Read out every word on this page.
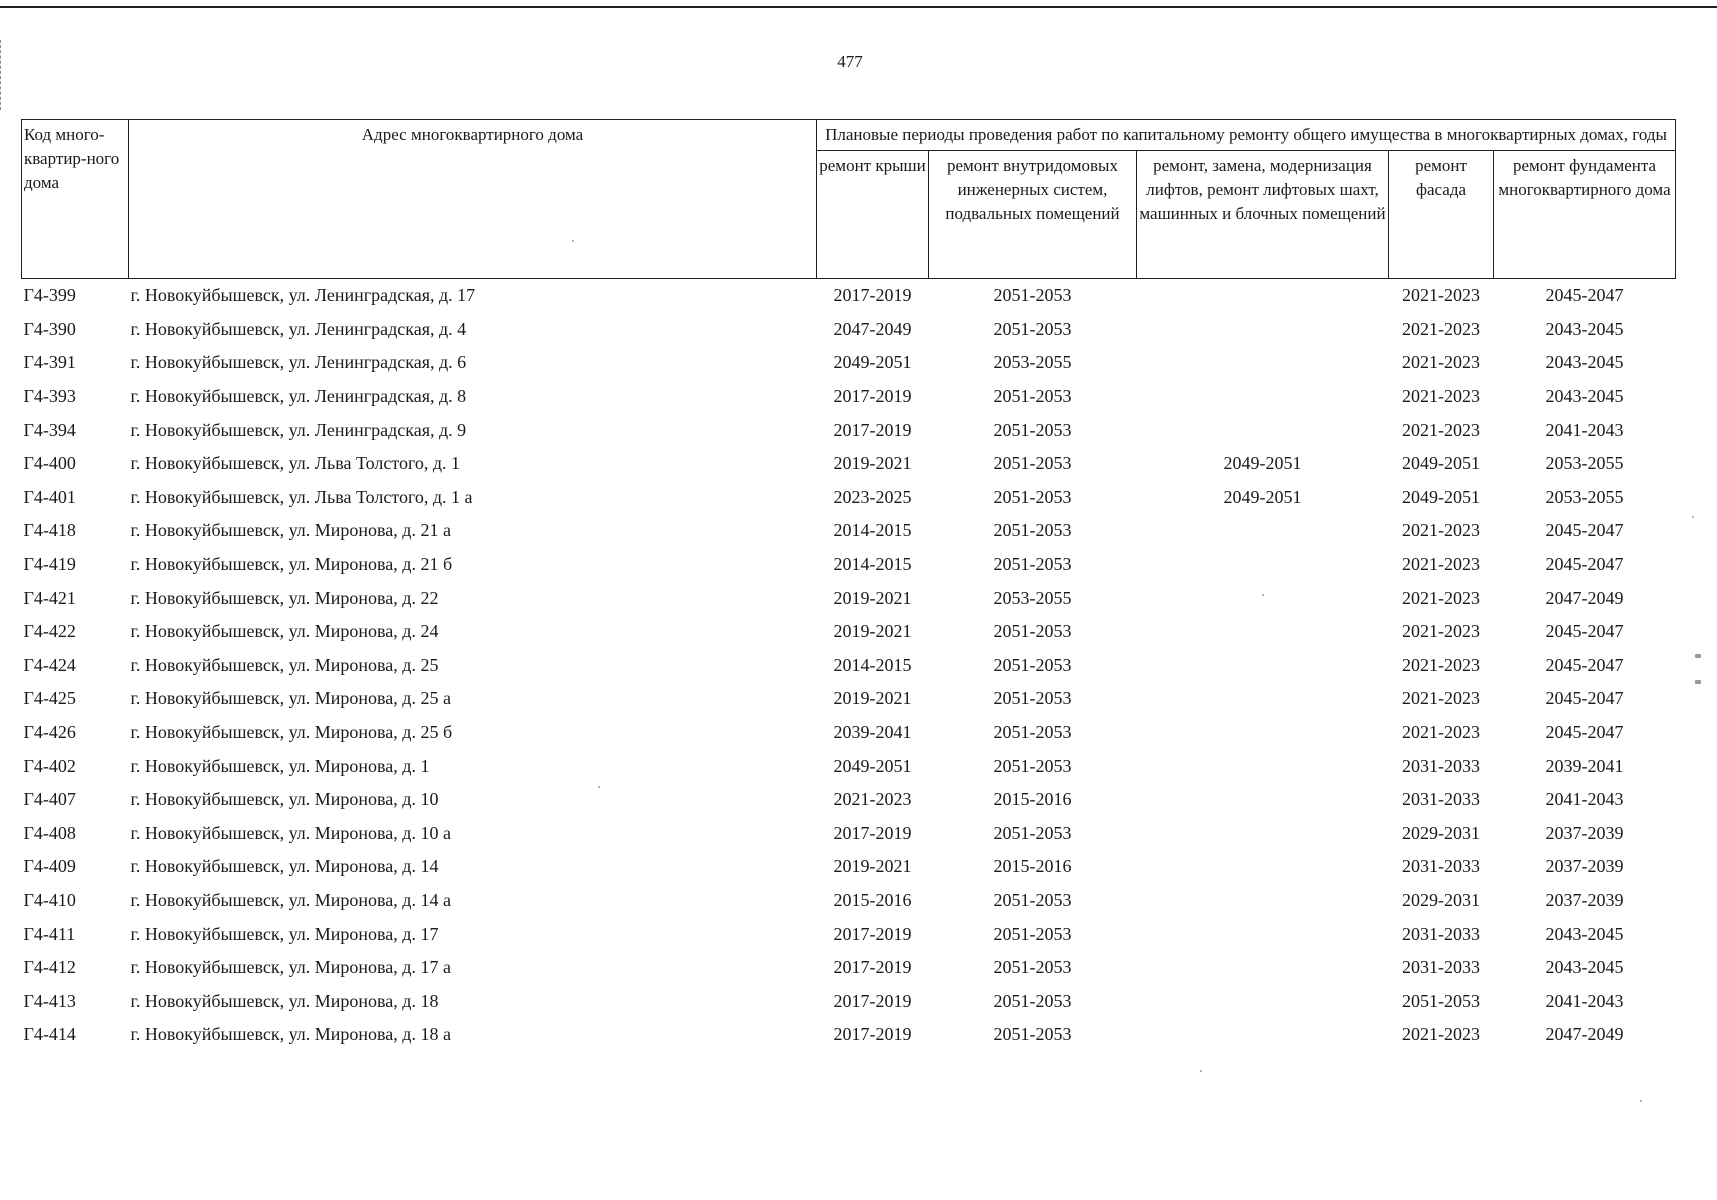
477
Код много-квартир-ного дома	Адрес многоквартирного дома	Плановые периоды проведения работ по капитальному ремонту общего имущества в многоквартирных домах, годы				
		ремонт крыши	ремонт внутридомовых инженерных систем, подвальных помещений	ремонт, замена, модернизация лифтов, ремонт лифтовых шахт, машинных и блочных помещений	ремонт фасада	ремонт фундамента многоквартирного дома
Г4-399	г. Новокуйбышевск, ул. Ленинградская, д. 17	2017-2019	2051-2053		2021-2023	2045-2047
Г4-390	г. Новокуйбышевск, ул. Ленинградская, д. 4	2047-2049	2051-2053		2021-2023	2043-2045
Г4-391	г. Новокуйбышевск, ул. Ленинградская, д. 6	2049-2051	2053-2055		2021-2023	2043-2045
Г4-393	г. Новокуйбышевск, ул. Ленинградская, д. 8	2017-2019	2051-2053		2021-2023	2043-2045
Г4-394	г. Новокуйбышевск, ул. Ленинградская, д. 9	2017-2019	2051-2053		2021-2023	2041-2043
Г4-400	г. Новокуйбышевск, ул. Льва Толстого, д. 1	2019-2021	2051-2053	2049-2051	2049-2051	2053-2055
Г4-401	г. Новокуйбышевск, ул. Льва Толстого, д. 1 а	2023-2025	2051-2053	2049-2051	2049-2051	2053-2055
Г4-418	г. Новокуйбышевск, ул. Миронова, д. 21 а	2014-2015	2051-2053		2021-2023	2045-2047
Г4-419	г. Новокуйбышевск, ул. Миронова, д. 21 б	2014-2015	2051-2053		2021-2023	2045-2047
Г4-421	г. Новокуйбышевск, ул. Миронова, д. 22	2019-2021	2053-2055		2021-2023	2047-2049
Г4-422	г. Новокуйбышевск, ул. Миронова, д. 24	2019-2021	2051-2053		2021-2023	2045-2047
Г4-424	г. Новокуйбышевск, ул. Миронова, д. 25	2014-2015	2051-2053		2021-2023	2045-2047
Г4-425	г. Новокуйбышевск, ул. Миронова, д. 25 а	2019-2021	2051-2053		2021-2023	2045-2047
Г4-426	г. Новокуйбышевск, ул. Миронова, д. 25 б	2039-2041	2051-2053		2021-2023	2045-2047
Г4-402	г. Новокуйбышевск, ул. Миронова, д. 1	2049-2051	2051-2053		2031-2033	2039-2041
Г4-407	г. Новокуйбышевск, ул. Миронова, д. 10	2021-2023	2015-2016		2031-2033	2041-2043
Г4-408	г. Новокуйбышевск, ул. Миронова, д. 10 а	2017-2019	2051-2053		2029-2031	2037-2039
Г4-409	г. Новокуйбышевск, ул. Миронова, д. 14	2019-2021	2015-2016		2031-2033	2037-2039
Г4-410	г. Новокуйбышевск, ул. Миронова, д. 14 а	2015-2016	2051-2053		2029-2031	2037-2039
Г4-411	г. Новокуйбышевск, ул. Миронова, д. 17	2017-2019	2051-2053		2031-2033	2043-2045
Г4-412	г. Новокуйбышевск, ул. Миронова, д. 17 а	2017-2019	2051-2053		2031-2033	2043-2045
Г4-413	г. Новокуйбышевск, ул. Миронова, д. 18	2017-2019	2051-2053		2051-2053	2041-2043
Г4-414	г. Новокуйбышевск, ул. Миронова, д. 18 а	2017-2019	2051-2053		2021-2023	2047-2049
